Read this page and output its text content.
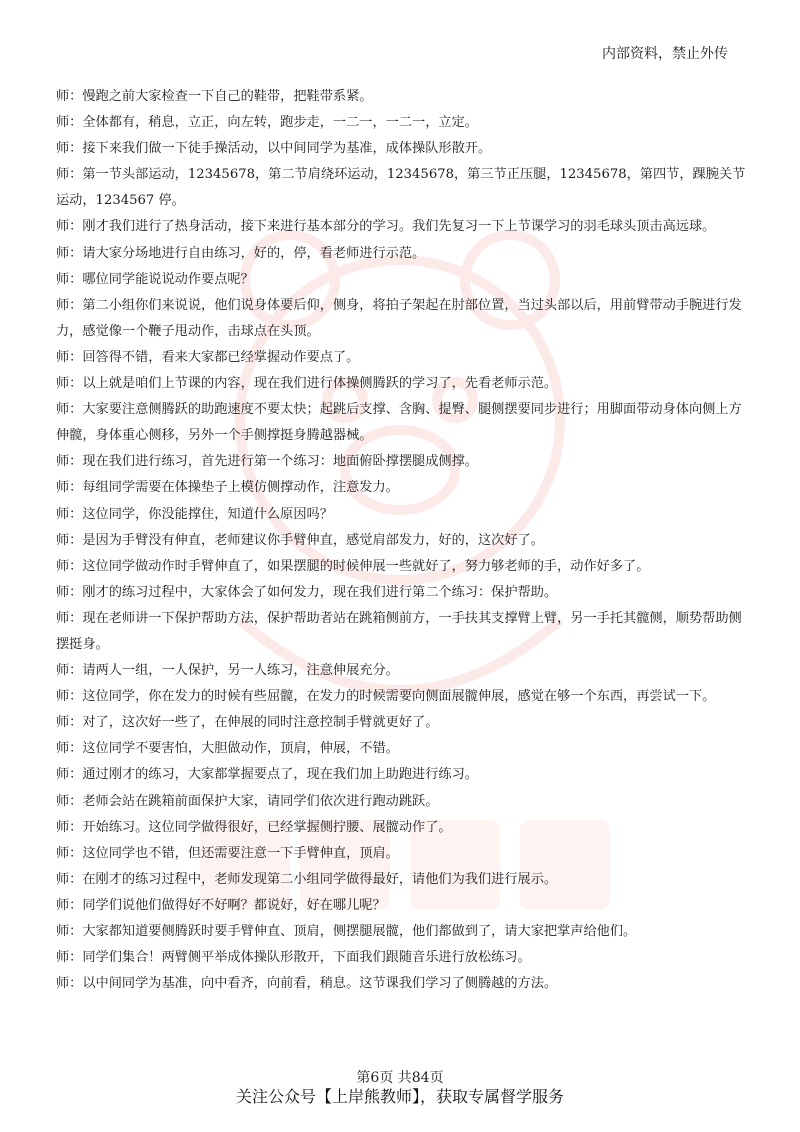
内部资料，禁止外传

师：慢跑之前大家检查一下自己的鞋带，把鞋带系紧。

师：全体都有，稍息，立正，向左转，跑步走，一二一，一二一，立定。

师：接下来我们做一下徒手操活动，以中间同学为基准，成体操队形散开。

师：第一节头部运动，12345678，第二节肩绕环运动，12345678，第三节正压腿，12345678，第四节，踝腕关节运动，1234567 停。

师：刚才我们进行了热身活动，接下来进行基本部分的学习。我们先复习一下上节课学习的羽毛球头顶击高远球。

师：请大家分场地进行自由练习，好的，停，看老师进行示范。

师：哪位同学能说说动作要点呢？

师：第二小组你们来说说，他们说身体要后仰，侧身，将拍子架起在肘部位置，当过头部以后，用前臂带动手腕进行发力，感觉像一个鞭子甩动作，击球点在头顶。

师：回答得不错，看来大家都已经掌握动作要点了。

师：以上就是咱们上节课的内容，现在我们进行体操侧腾跃的学习了，先看老师示范。

师：大家要注意侧腾跃的助跑速度不要太快；起跳后支撑、含胸、提臀、腿侧摆要同步进行；用脚面带动身体向侧上方伸髋，身体重心侧移，另外一个手侧撑挺身腾越器械。

师：现在我们进行练习，首先进行第一个练习：地面俯卧撑摆腿成侧撑。

师：每组同学需要在体操垫子上模仿侧撑动作，注意发力。

师：这位同学，你没能撑住，知道什么原因吗？

师：是因为手臂没有伸直，老师建议你手臂伸直，感觉肩部发力，好的，这次好了。

师：这位同学做动作时手臂伸直了，如果摆腿的时候伸展一些就好了，努力够老师的手，动作好多了。

师：刚才的练习过程中，大家体会了如何发力，现在我们进行第二个练习：保护帮助。

师：现在老师讲一下保护帮助方法，保护帮助者站在跳箱侧前方，一手扶其支撑臂上臂，另一手托其髋侧，顺势帮助侧摆挺身。

师：请两人一组，一人保护，另一人练习，注意伸展充分。

师：这位同学，你在发力的时候有些屈髋，在发力的时候需要向侧面展髋伸展，感觉在够一个东西，再尝试一下。

师：对了，这次好一些了，在伸展的同时注意控制手臂就更好了。

师：这位同学不要害怕，大胆做动作，顶肩，伸展，不错。

师：通过刚才的练习，大家都掌握要点了，现在我们加上助跑进行练习。

师：老师会站在跳箱前面保护大家，请同学们依次进行跑动跳跃。

师：开始练习。这位同学做得很好，已经掌握侧拧腰、展髋动作了。

师：这位同学也不错，但还需要注意一下手臂伸直，顶肩。

师：在刚才的练习过程中，老师发现第二小组同学做得最好，请他们为我们进行展示。

师：同学们说他们做得好不好啊？都说好，好在哪儿呢？

师：大家都知道要侧腾跃时要手臂伸直、顶肩，侧摆腿展髋，他们都做到了，请大家把掌声给他们。

师：同学们集合！两臂侧平举成体操队形散开，下面我们跟随音乐进行放松练习。

师：以中间同学为基准，向中看齐，向前看，稍息。这节课我们学习了侧腾越的方法。

第6页 共84页
关注公众号【上岸熊教师】，获取专属督学服务
